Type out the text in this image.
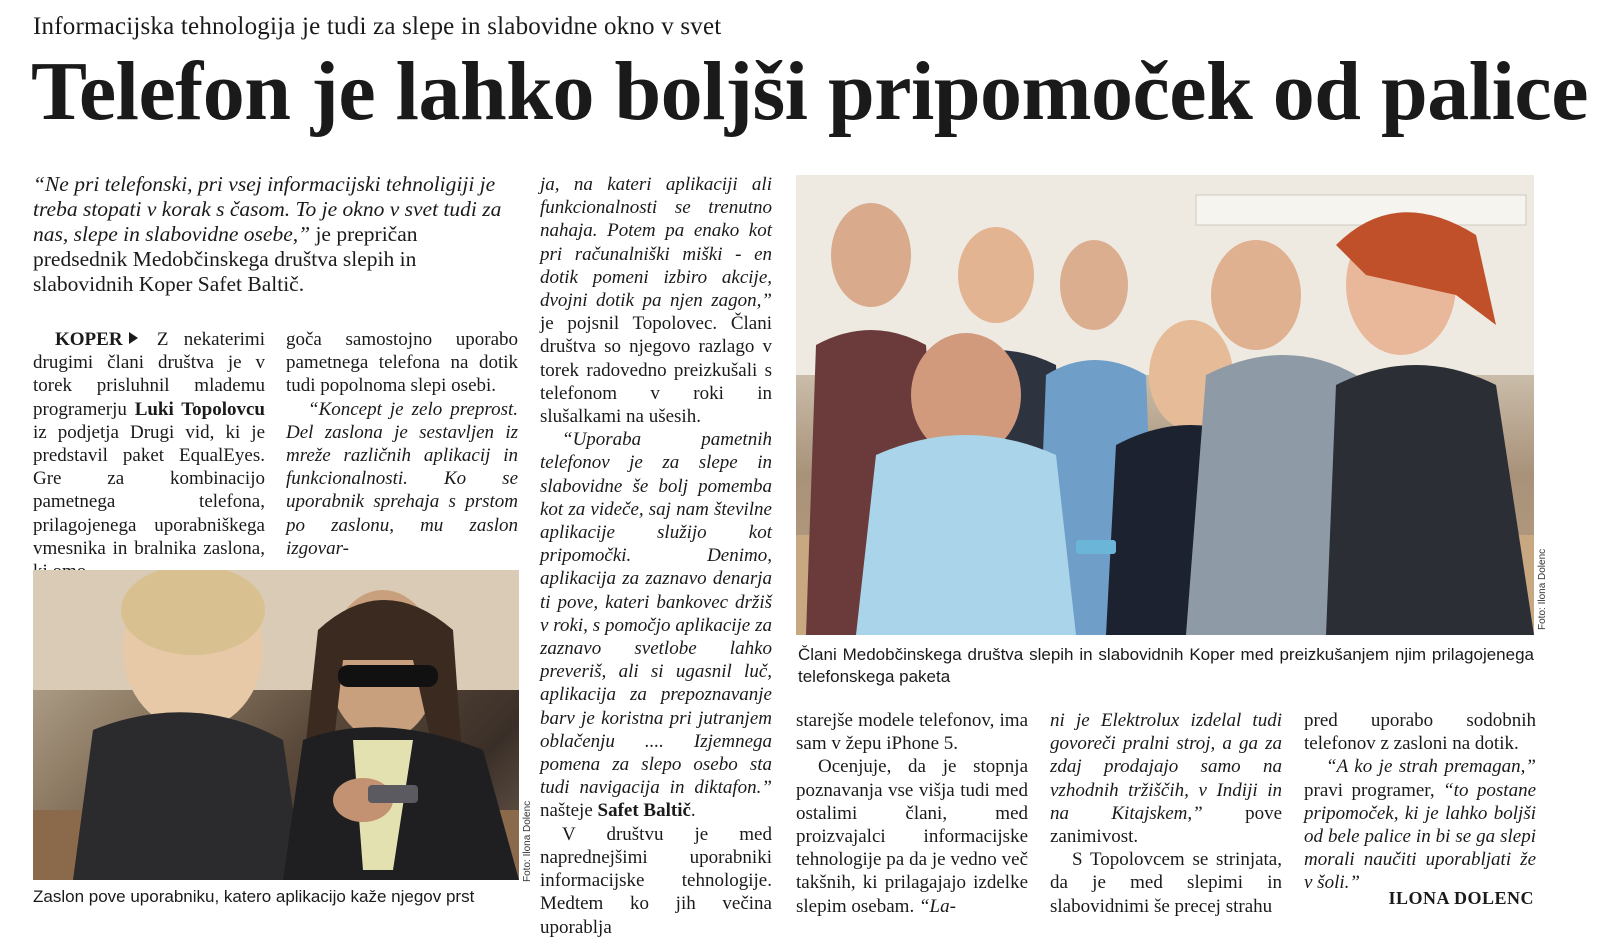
Informacijska tehnologija je tudi za slepe in slabovidne okno v svet
Telefon je lahko boljši pripomoček od palice
“Ne pri telefonski, pri vsej informacijski tehnoligiji je treba stopati v korak s časom. To je okno v svet tudi za nas, slepe in slabovidne osebe,” je prepričan predsednik Medobčinskega društva slepih in slabovidnih Koper Safet Baltič.

KOPER Z nekaterimi drugimi člani društva je v torek prisluhnil mlademu programerju Luki Topolovcu iz podjetja Drugi vid, ki je predstavil paket EqualEyes. Gre za kombinacijo pametnega telefona, prilagojenega uporabniškega vmesnika in bralnika zaslona,

goča samostojno uporabo pametnega telefona na dotik tudi popolnoma slepi osebi.

“Koncept je zelo preprost. Del zaslona je sestavljen iz mreže različnih aplikacij in funkcionalnosti. Ko se uporabnik sprehaja s prstom po zaslonu, mu zaslon izgovar-

ja, na kateri aplikaciji ali funkcionalnosti se trenutno nahaja. Potem pa enako kot pri računalniški miški - en dotik pomeni izbiro akcije, dvojni dotik pa njen zagon,” je pojsnil Topolovec. Člani društva so njegovo razlago v torek radovedno preizkušali s telefonom v roki in slušalkami na ušesih.

“Uporaba pametnih telefonov je za slepe in slabovidne še bolj pomemba kot za videče, saj nam številne aplikacije služijo kot pripomočki. Denimo, aplikacija za zaznavo denarja ti pove, kateri bankovec držiš v roki, s pomočjo aplikacije za zaznavo svetlobe lahko preveriš, ali si ugasnil luč, aplikacija za prepoznavanje barv je koristna pri jutranjem oblačenju .... Izjemnega pomena za slepo osebo sta tudi navigacija in diktafon.” našteje Safet Baltič.

V društvu je med naprednejšimi uporabniki informacijske tehnologije. Medtem ko jih večina uporablja

starejše modele telefonov, ima sam v žepu iPhone 5.

Ocenjuje, da je stopnja poznavanja vse višja tudi med ostalimi člani, med proizvajalci informacijske tehnologije pa da je vedno več takšnih, ki prilagajajo izdelke slepim osebam. “La-

ni je Elektrolux izdelal tudi govoreči pralni stroj, a ga za zdaj prodajajo samo na vzhodnih tržiščih, v Indiji in na Kitajskem,” pove zanimivost.

S Topolovcem se strinjata, da je med slepimi in slabovidnimi še precej strahu

pred uporabo sodobnih telefonov z zasloni na dotik.

“A ko je strah premagan,” pravi programer, “to postane pripomoček, ki je lahko boljši od bele palice in bi se ga slepi morali naučiti uporabljati že v šoli.”

Foto: Ilona Dolenc
Zaslon pove uporabniku, katero aplikacijo kaže njegov prst
Foto: Ilona Dolenc
Člani Medobčinskega društva slepih in slabovidnih Koper med preizkušanjem njim prilagojenega telefonskega paketa
ILONA DOLENC
